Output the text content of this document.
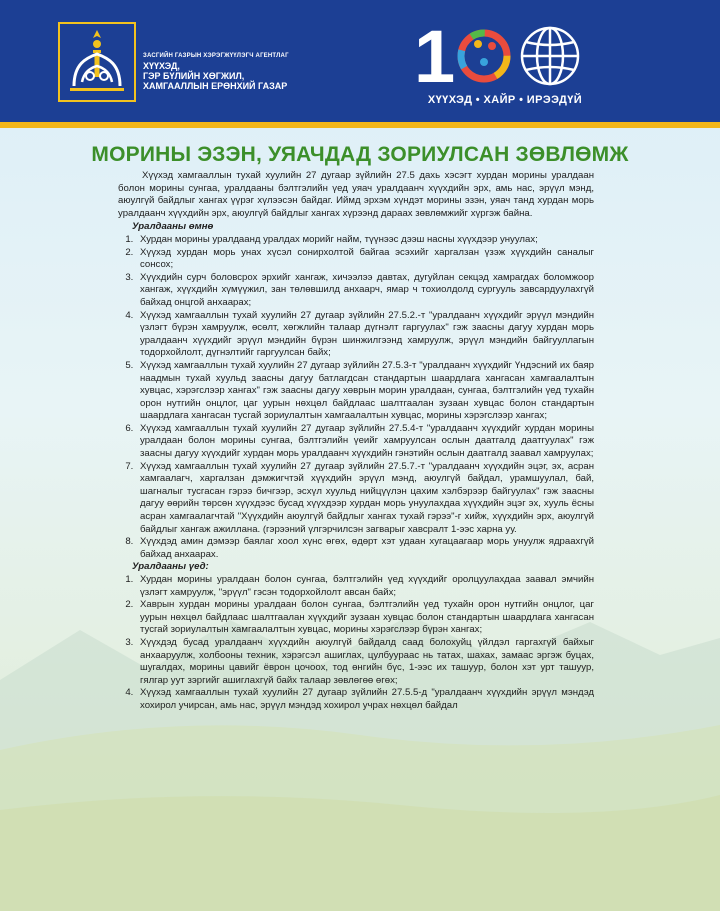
ЗАСГИЙН ГАЗРЫН ХЭРЭГЖҮҮЛЭГЧ АГЕНТЛАГ
ХҮҮХЭД,
ГЭР БҮЛИЙН ХӨГЖИЛ,
ХАМГААЛЛЫН ЕРӨНХИЙ ГАЗАР	1
ХҮҮХЭД • ХАЙР • ИРЭЭДҮЙ
МОРИНЫ ЭЗЭН, УЯАЧДАД ЗОРИУЛСАН ЗӨВЛӨМЖ

Хүүхэд хамгааллын тухай хуулийн 27 дугаар зүйлийн 27.5 дахь хэсэгт хурдан морины уралдаан болон морины сунгаа, уралдааны бэлтгэлийн үед уяач уралдаанч хүүхдийн эрх, амь нас, эрүүл мэнд, аюулгүй байдлыг хангах үүрэг хүлээсэн байдаг. Иймд эрхэм хүндэт морины эзэн, уяач танд хурдан морь уралдаанч хүүхдийн эрх, аюулгүй байдлыг хангах хүрээнд дараах зөвлөмжийг хүргэж байна.

Уралдааны өмнө
1. Хурдан морины уралдаанд уралдах морийг найм, түүнээс дээш насны хүүхдээр унуулах;
2. Хүүхэд хурдан морь унах хүсэл сонирхолтой байгаа эсэхийг харгалзан үзэж хүүхдийн саналыг сонсох;
3. Хүүхдийн сурч боловсрох эрхийг хангаж, хичээлээ давтах, дугуйлан секцэд хамрагдах боломжоор хангаж, хүүхдийн хүмүүжил, зан төлөвшилд анхаарч, ямар ч тохиолдолд сургууль завсардуулахгүй байхад онцгой анхаарах;
4. Хүүхэд хамгааллын тухай хуулийн 27 дугаар зүйлийн 27.5.2.-т "уралдаанч хүүхдийг эрүүл мэндийн үзлэгт бүрэн хамруулж, өсөлт, хөгжлийн талаар дүгнэлт гаргуулах" гэж заасны дагуу хурдан морь уралдаанч хүүхдийг эрүүл мэндийн бүрэн шинжилгээнд хамруулж, эрүүл мэндийн байгууллагын тодорхойлолт, дүгнэлтийг гаргуулсан байх;
5. Хүүхэд хамгааллын тухай хуулийн 27 дугаар зүйлийн 27.5.3-т "уралдаанч хүүхдийг Үндэсний их баяр наадмын тухай хуульд заасны дагуу батлагдсан стандартын шаардлага хангасан хамгаалалтын хувцас, хэрэгслээр хангах" гэж заасны дагуу хөврын морин уралдаан, сунгаа, бэлтгэлийн үед тухайн орон нутгийн онцлог, цаг уурын нөхцөл байдлаас шалтгаалан зузаан хувцас болон стандартын шаардлага хангасан тусгай зориулалтын хамгаалалтын хувцас, морины хэрэгслээр хангах;
6. Хүүхэд хамгааллын тухай хуулийн 27 дугаар зүйлийн 27.5.4-т "уралдаанч хүүхдийг хурдан морины уралдаан болон морины сунгаа, бэлтгэлийн үеийг хамруулсан ослын даатгалд даатгуулах" гэж заасны дагуу хүүхдийг хурдан морь уралдаанч хүүхдийн гэнэтийн ослын даатгалд заавал хамруулах;
7. Хүүхэд хамгааллын тухай хуулийн 27 дугаар зүйлийн 27.5.7.-т "уралдаанч хүүхдийн эцэг, эх, асран хамгаалагч, харгалзан дэмжигчтэй хүүхдийн эрүүл мэнд, аюулгүй байдал, урамшуулал, бай, шагналыг тусгасан гэрээ бичгээр, эсхүл хуульд нийцүүлэн цахим хэлбэрээр байгуулах" гэж заасны дагуу өөрийн төрсөн хүүхдээс бусад хүүхдээр хурдан морь унуулахдаа хүүхдийн эцэг эх, хууль ёсны асран хамгаалагчтай "Хүүхдийн аюулгүй байдлыг хангах тухай гэрээ"-г хийж, хүүхдийн эрх, аюулгүй байдлыг хангаж ажиллана. (гэрээний үлгэрчилсэн загварыг хавсралт 1-ээс харна уу.
8. Хүүхдэд амин дэмээр баялаг хоол хүнс өгөх, өдөрт хэт удаан хугацаагаар морь унуулж ядраахгүй байхад анхаарах.
Уралдааны үед:
1. Хурдан морины уралдаан болон сунгаа, бэлтгэлийн үед хүүхдийг оролцуулахдаа заавал эмчийн үзлэгт хамруулж, "эрүүл" гэсэн тодорхойлолт авсан байх;
2. Хаврын хурдан морины уралдаан болон сунгаа, бэлтгэлийн үед тухайн орон нутгийн онцлог, цаг уурын нөхцөл байдлаас шалтгаалан хүүхдийг зузаан хувцас болон стандартын шаардлага хангасан тусгай зориулалтын хамгаалалтын хувцас, морины хэрэгслээр бүрэн хангах;
3. Хүүхдэд бусад уралдаанч хүүхдийн аюулгүй байдалд саад болохуйц үйлдэл гаргахгүй байхыг анхааруулж, холбооны техник, хэрэгсэл ашиглах, цулбуураас нь татах, шахах, замаас эргэж буцах, шугалдах, морины цавийг ёврон цочоох, тод өнгийн бүс, 1-ээс их ташуур, болон хэт урт ташуур, гялгар уут зэргийг ашиглахгүй байх талаар зөвлөгөө өгөх;
4. Хүүхэд хамгааллын тухай хуулийн 27 дугаар зүйлийн 27.5.5-д "уралдаанч хүүхдийн эрүүл мэндэд хохирол учирсан, амь нас, эрүүл мэндэд хохирол учрах нөхцөл байдал
